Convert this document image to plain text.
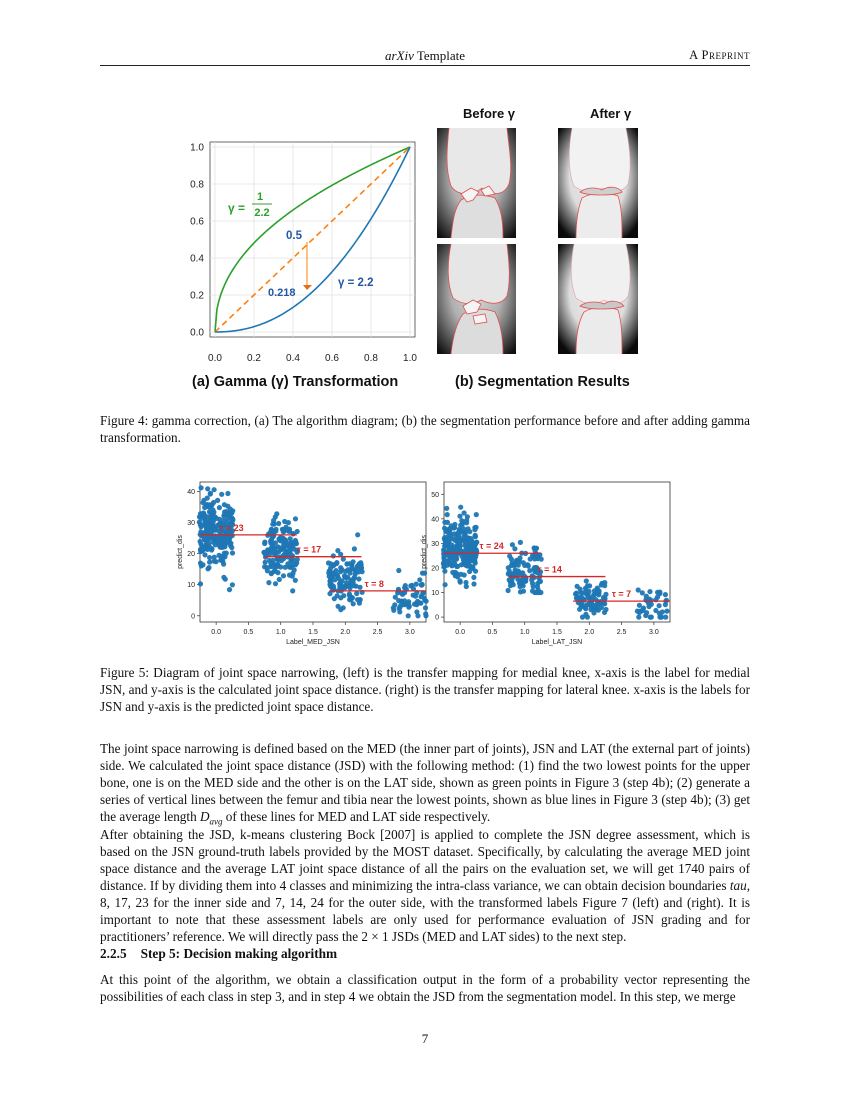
arXiv Template	A Preprint
0.0	0.2	0.4	0.6	0.8	1.0
0.0
0.2
0.4
0.6
0.8
1.0
γ =
1
2.2
0.5
γ = 2.2
0.218
Before γ	After γ
(a) Gamma (γ) Transformation	(b) Segmentation Results
Figure 4: gamma correction, (a) The algorithm diagram; (b) the segmentation performance before and after adding gamma transformation.
0.0	0.5	1.0	1.5	2.0	2.5	3.0
0
10
20
30
40
Label_MED_JSN
predict_dis
τ = 23
τ = 17
τ = 8
0.0	0.5	1.0	1.5	2.0	2.5	3.0
0
10
20
30
40
50
Label_LAT_JSN
predict_dis	τ = 24
τ = 14
τ = 7
Figure 5: Diagram of joint space narrowing, (left) is the transfer mapping for medial knee, x-axis is the label for medial JSN, and y-axis is the calculated joint space distance. (right) is the transfer mapping for lateral knee. x-axis is the labels for JSN and y-axis is the predicted joint space distance.
The joint space narrowing is defined based on the MED (the inner part of joints), JSN and LAT (the external part of joints) side. We calculated the joint space distance (JSD) with the following method: (1) find the two lowest points for the upper bone, one is on the MED side and the other is on the LAT side, shown as green points in Figure 3 (step 4b); (2) generate a series of vertical lines between the femur and tibia near the lowest points, shown as blue lines in Figure 3 (step 4b); (3) get the average length $D_{avg}$ of these lines for MED and LAT side respectively.
After obtaining the JSD, k-means clustering Bock [2007] is applied to complete the JSN degree assessment, which is based on the JSN ground-truth labels provided by the MOST dataset. Specifically, by calculating the average MED joint space distance and the average LAT joint space distance of all the pairs on the evaluation set, we will get 1740 pairs of distance. If by dividing them into 4 classes and minimizing the intra-class variance, we can obtain decision boundaries tau, 8, 17, 23 for the inner side and 7, 14, 24 for the outer side, with the transformed labels Figure 7 (left) and (right). It is important to note that these assessment labels are only used for performance evaluation of JSN grading and for practitioners’ reference. We will directly pass the 2 × 1 JSDs (MED and LAT sides) to the next step.
2.2.5 Step 5: Decision making algorithm
At this point of the algorithm, we obtain a classification output in the form of a probability vector representing the possibilities of each class in step 3, and in step 4 we obtain the JSD from the segmentation model. In this step, we merge
7
